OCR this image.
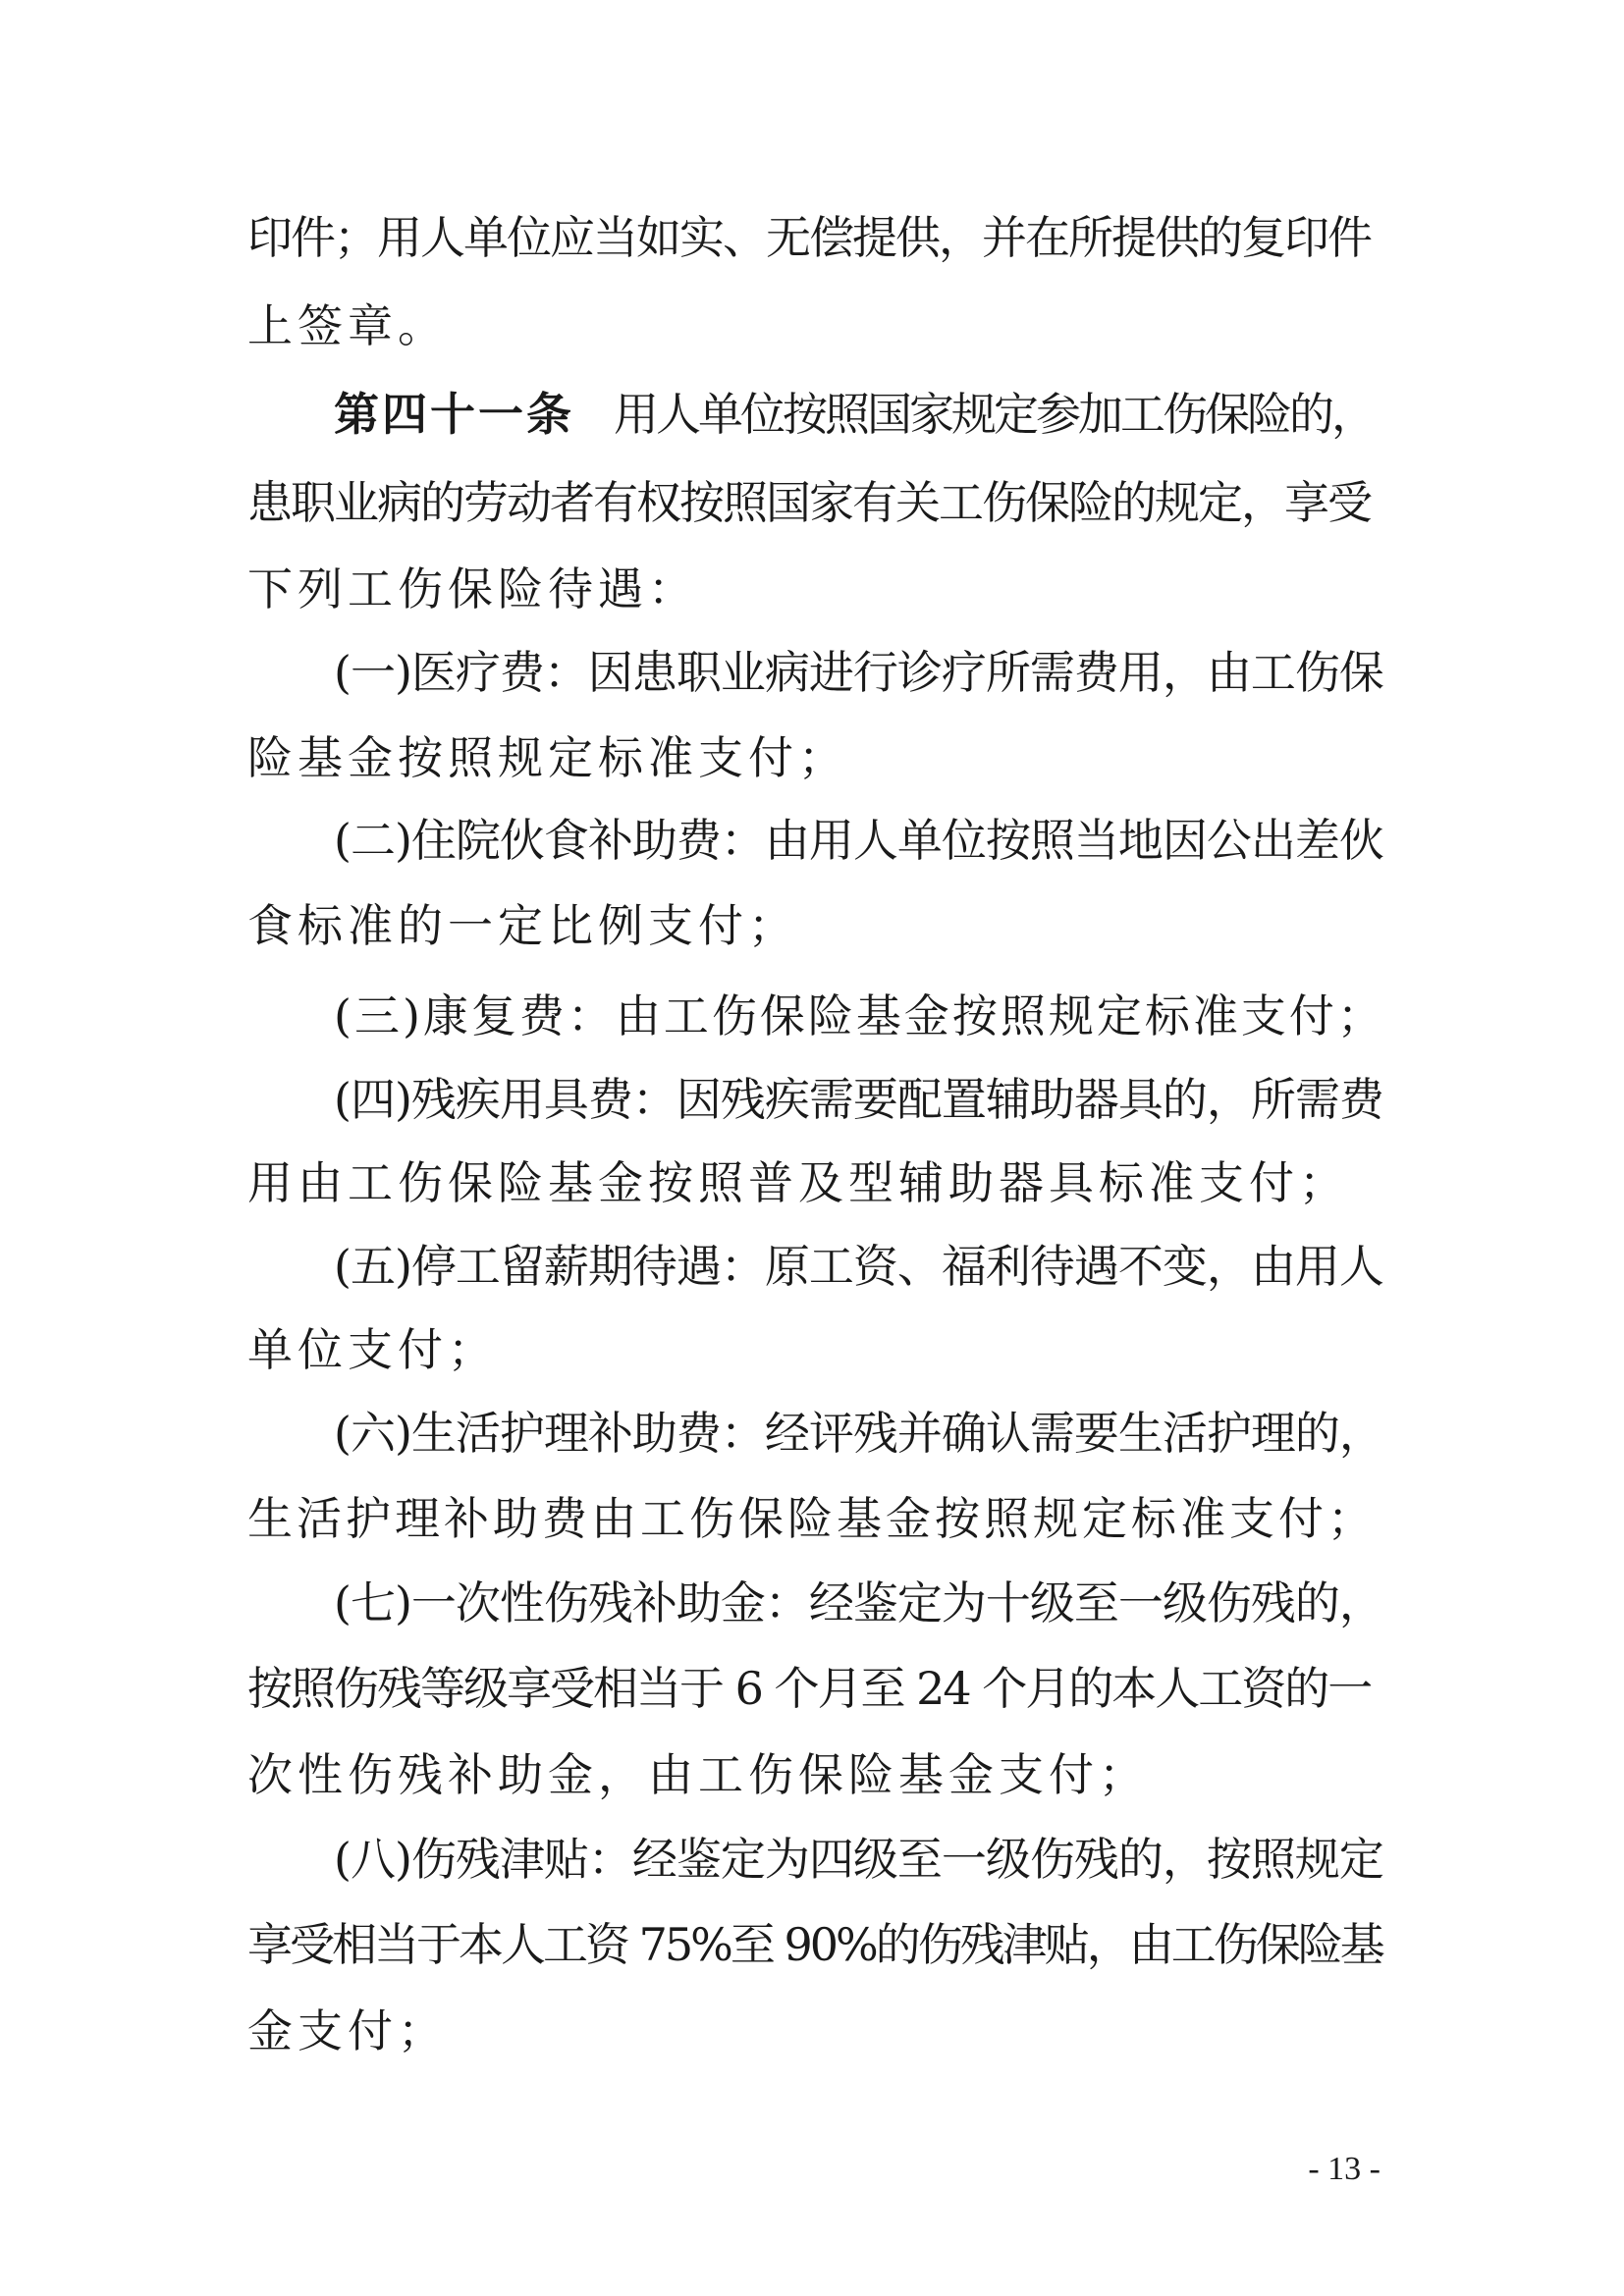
印件；用人单位应当如实、无偿提供，并在所提供的复印件
上签章。
第四十一条 用人单位按照国家规定参加工伤保险的，
患职业病的劳动者有权按照国家有关工伤保险的规定，享受
下列工伤保险待遇：
(一)医疗费：因患职业病进行诊疗所需费用，由工伤保
险基金按照规定标准支付；
(二)住院伙食补助费：由用人单位按照当地因公出差伙
食标准的一定比例支付；
(三)康复费：由工伤保险基金按照规定标准支付；
(四)残疾用具费：因残疾需要配置辅助器具的，所需费
用由工伤保险基金按照普及型辅助器具标准支付；
(五)停工留薪期待遇：原工资、福利待遇不变，由用人
单位支付；
(六)生活护理补助费：经评残并确认需要生活护理的，
生活护理补助费由工伤保险基金按照规定标准支付；
(七)一次性伤残补助金：经鉴定为十级至一级伤残的，
按照伤残等级享受相当于 6 个月至 24 个月的本人工资的一
次性伤残补助金，由工伤保险基金支付；
(八)伤残津贴：经鉴定为四级至一级伤残的，按照规定
享受相当于本人工资 75%至 90%的伤残津贴，由工伤保险基
金支付；
- 13 -
